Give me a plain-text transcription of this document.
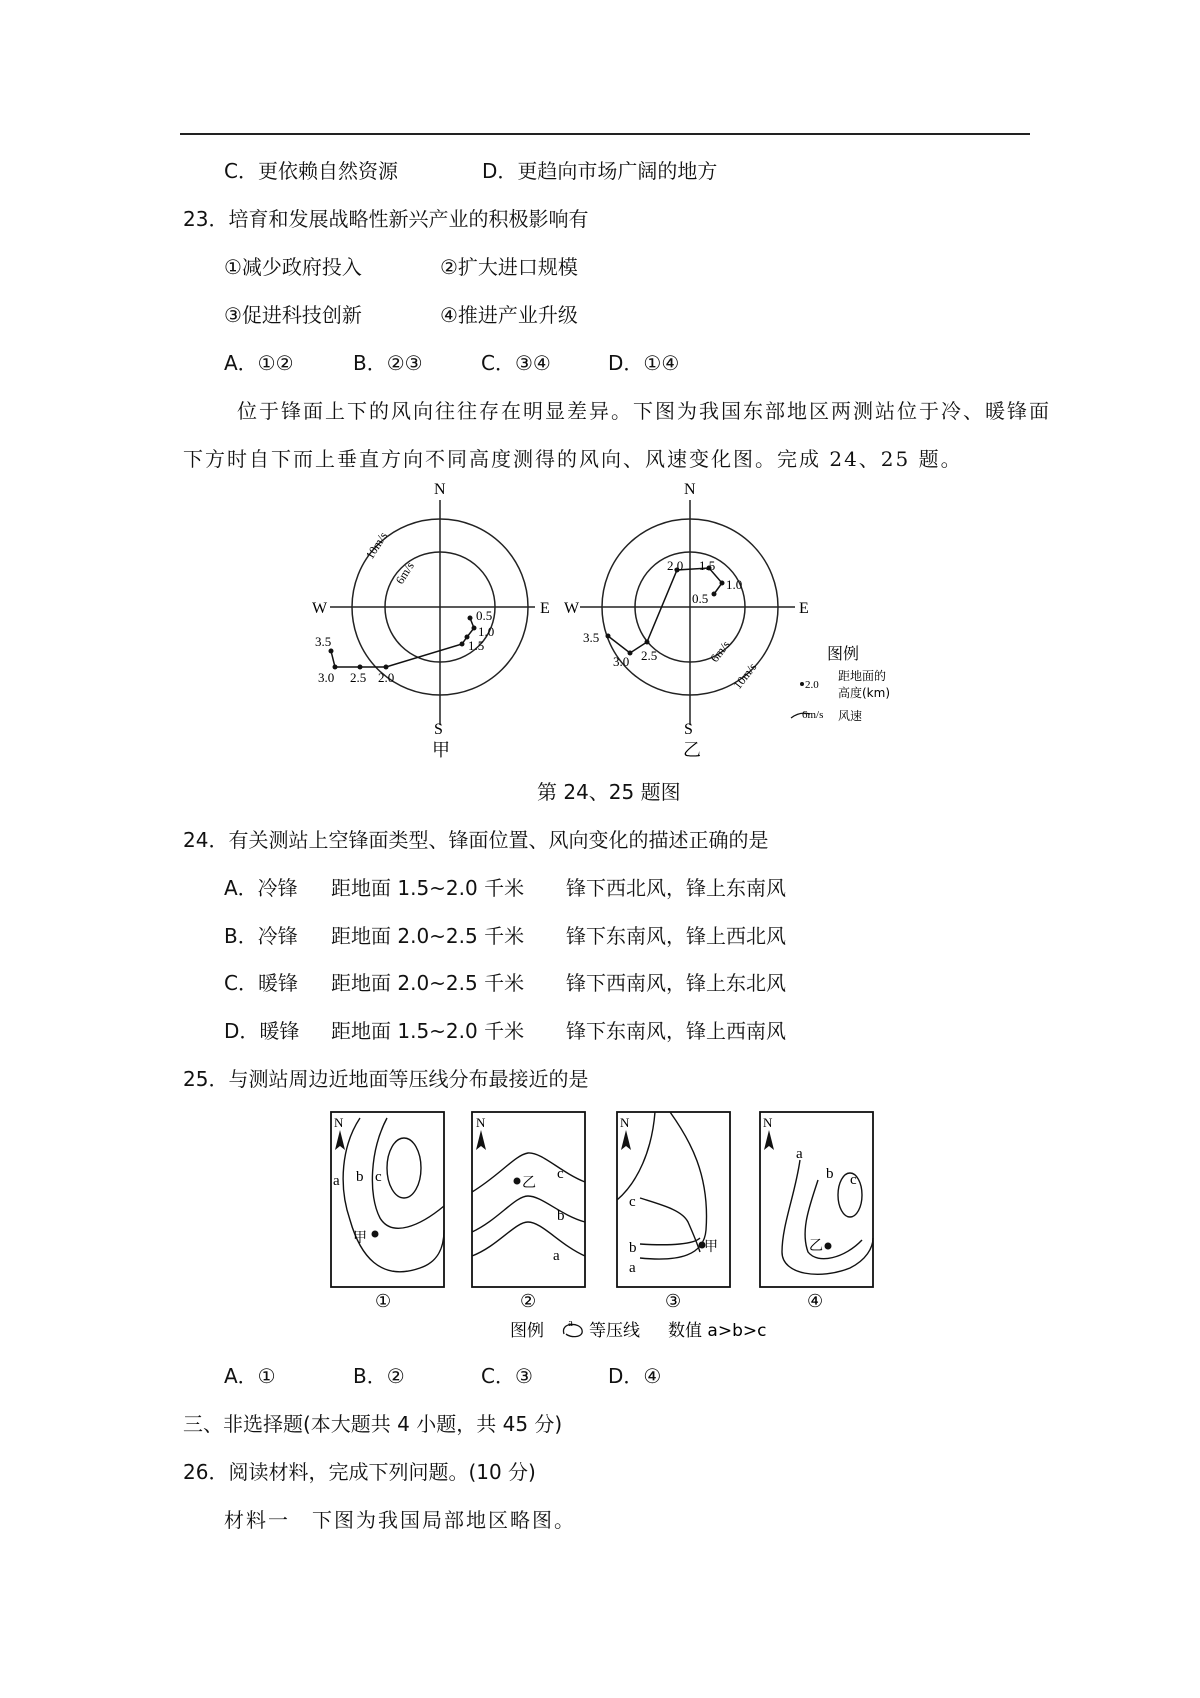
C．更依赖自然资源	D．更趋向市场广阔的地方
23．培育和发展战略性新兴产业的积极影响有
①减少政府投入	②扩大进口规模
③促进科技创新	④推进产业升级
A．①②	B．②③	C．③④	D．①④
位于锋面上下的风向往往存在明显差异。下图为我国东部地区两测站位于冷、暖锋面
下方时自下而上垂直方向不同高度测得的风向、风速变化图。完成 24、25 题。
N
S
W	E
10m/s
6m/s
0.5
1.0
1.5
2.0
2.5
3.0
3.5
甲
N
S
W	E
6m/s
10m/s
0.5
1.0
1.5
2.0
2.5
3.0
3.5
乙
图例
2.0
距地面的
高度(km)
6m/s 风速
第 24、25 题图
24．有关测站上空锋面类型、锋面位置、风向变化的描述正确的是
A．冷锋 距地面 1.5~2.0 千米 锋下西北风，锋上东南风
B．冷锋 距地面 2.0~2.5 千米 锋下东南风，锋上西北风
C．暖锋 距地面 2.0~2.5 千米 锋下西南风，锋上东北风
D．暖锋 距地面 1.5~2.0 千米 锋下东南风，锋上西南风
25．与测站周边近地面等压线分布最接近的是
N
a b c
甲
①
N
c
b
a
乙
②
N
c
b
a
甲
③
N
a
b c
乙
④
图例 a 等压线 数值 a>b>c
A．①	B．②	C．③	D．④
三、非选择题(本大题共 4 小题，共 45 分)
26．阅读材料，完成下列问题。(10 分)
材料一　下图为我国局部地区略图。
